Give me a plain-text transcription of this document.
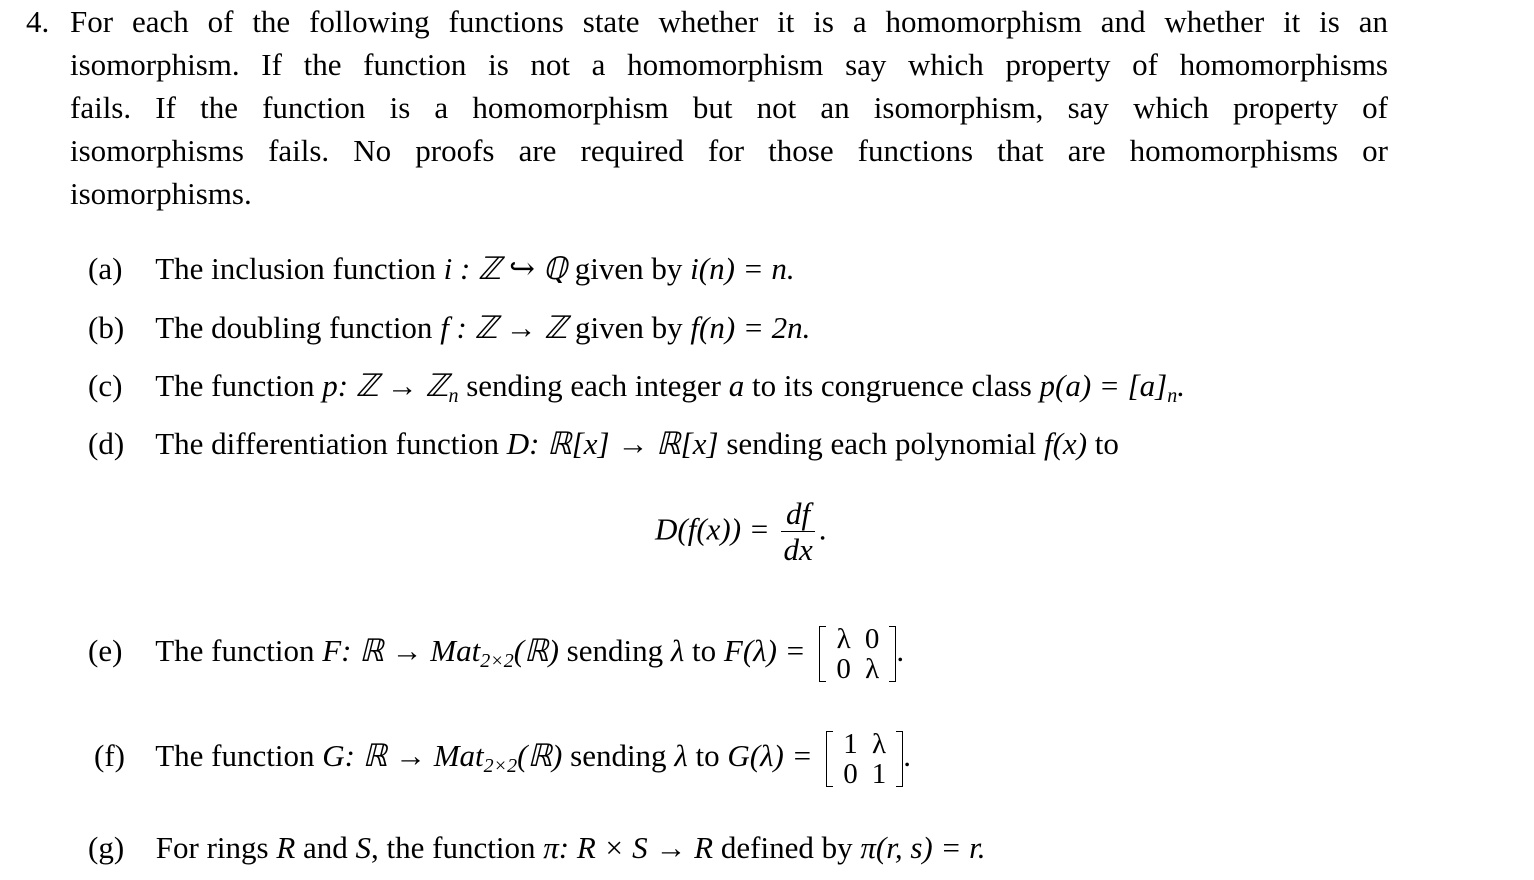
4. For each of the following functions state whether it is a homomorphism and whether it is an
isomorphism. If the function is not a homomorphism say which property of homomorphisms
fails. If the function is a homomorphism but not an isomorphism, say which property of
isomorphisms fails. No proofs are required for those functions that are homomorphisms or
isomorphisms.
(a) The inclusion function i : ℤ ↪ ℚ given by i(n) = n.
(b) The doubling function f : ℤ → ℤ given by f(n) = 2n.
(c) The function p: ℤ → ℤ$_n$ sending each integer a to its congruence class $p(a) = [a]_n$.
(d) The differentiation function D: ℝ[x] → ℝ[x] sending each polynomial f(x) to
$D(f(x)) = \frac{df}{dx}$ .
(e) The function F: ℝ → Mat$_{2\times 2}$(ℝ) sending λ to F(λ) = λ	0
0	λ
.
(f) The function G: ℝ → Mat$_{2\times 2}$(ℝ) sending λ to G(λ) = 1	λ
0	1
.
(g) For rings R and S, the function π: R × S → R defined by π(r, s) = r.
